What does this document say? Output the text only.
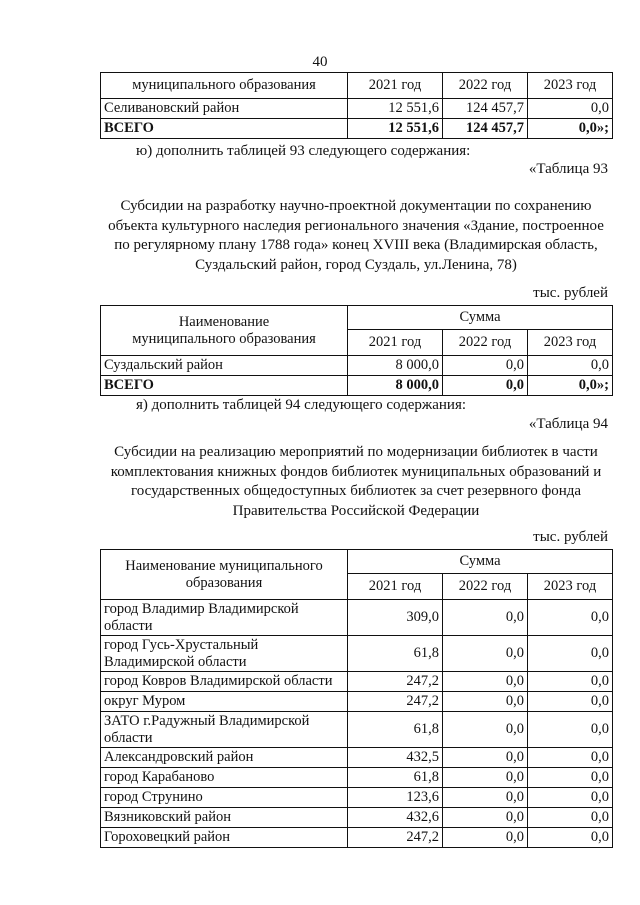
40
муниципального образования	2021 год	2022 год	2023 год
Селивановский район	12 551,6	124 457,7	0,0
ВСЕГО	12 551,6	124 457,7	0,0»;
ю) дополнить таблицей 93 следующего содержания:
«Таблица 93
Субсидии на разработку научно-проектной документации по сохранению
объекта культурного наследия регионального значения «Здание, построенное
по регулярному плану 1788 года» конец XVIII века (Владимирская область,
Суздальский район, город Суздаль, ул.Ленина, 78)
тыс. рублей
Наименование
муниципального образования	Сумма		
	2021 год	2022 год	2023 год
Суздальский район	8 000,0	0,0	0,0
ВСЕГО	8 000,0	0,0	0,0»;
я) дополнить таблицей 94 следующего содержания:
«Таблица 94
Субсидии на реализацию мероприятий по модернизации библиотек в части
комплектования книжных фондов библиотек муниципальных образований и
государственных общедоступных библиотек за счет резервного фонда
Правительства Российской Федерации
тыс. рублей
Наименование муниципального
образования	Сумма		
	2021 год	2022 год	2023 год

город Владимир Владимирской
области	309,0	0,0	0,0

город Гусь-Хрустальный
Владимирской области	61,8	0,0	0,0
город Ковров Владимирской области	247,2	0,0	0,0
округ Муром	247,2	0,0	0,0

ЗАТО г.Радужный Владимирской
области	61,8	0,0	0,0
Александровский район	432,5	0,0	0,0
город Карабаново	61,8	0,0	0,0
город Струнино	123,6	0,0	0,0
Вязниковский район	432,6	0,0	0,0
Гороховецкий район	247,2	0,0	0,0
